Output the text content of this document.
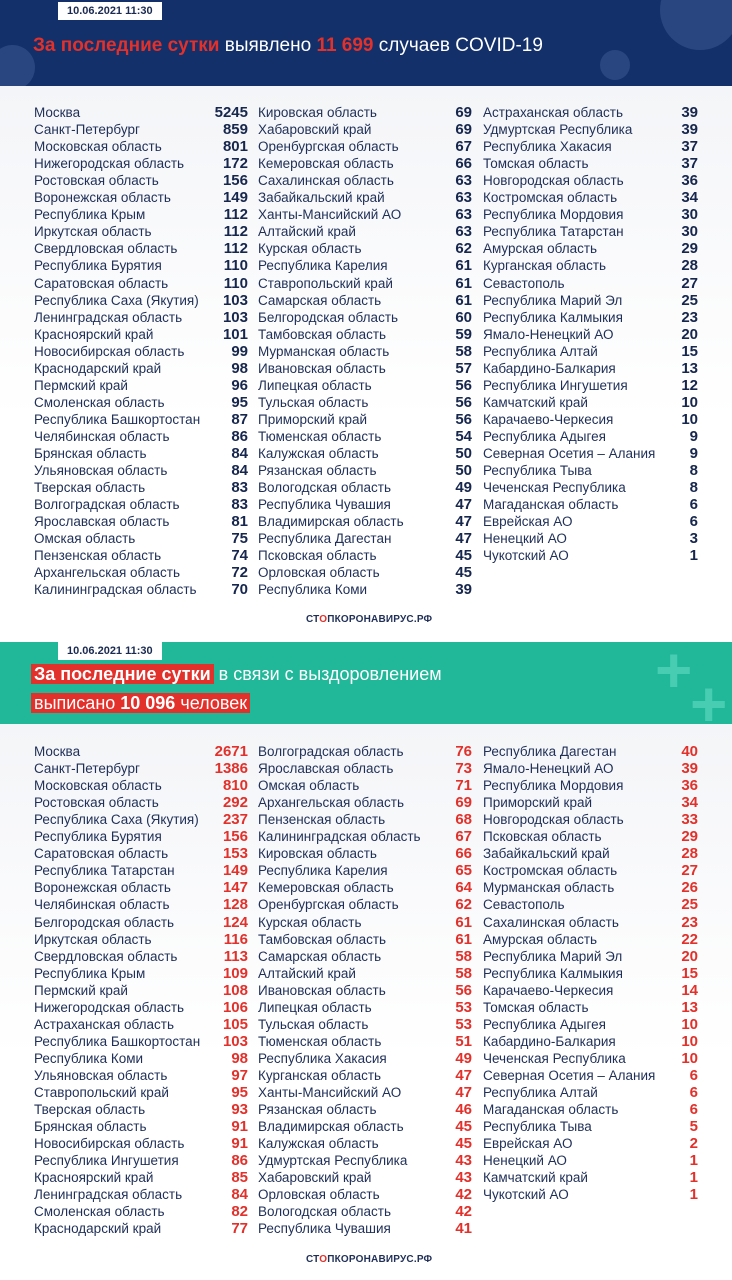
10.06.2021 11:30
За последние сутки выявлено 11 699 случаев COVID-19
Москва	5245
Санкт-Петербург	859
Московская область	801
Нижегородская область	172
Ростовская область	156
Воронежская область	149
Республика Крым	112
Иркутская область	112
Свердловская область	112
Республика Бурятия	110
Саратовская область	110
Республика Саха (Якутия) 103
Ленинградская область	103
Красноярский край	101
Новосибирская область	99
Краснодарский край	98
Пермский край	96
Смоленская область	95
Республика Башкортостан 87
Челябинская область	86
Брянская область	84
Ульяновская область	84
Тверская область	83
Волгоградская область	83
Ярославская область	81
Омская область	75
Пензенская область	74
Архангельская область	72
Калининградская область 70
Кировская область	69
Хабаровский край	69
Оренбургская область	67
Кемеровская область	66
Сахалинская область	63
Забайкальский край	63
Ханты-Мансийский АО	63
Алтайский край	63
Курская область	62
Республика Карелия	61
Ставропольский край	61
Самарская область	61
Белгородская область	60
Тамбовская область	59
Мурманская область	58
Ивановская область	57
Липецкая область	56
Тульская область	56
Приморский край	56
Тюменская область	54
Калужская область	50
Рязанская область	50
Вологодская область	49
Республика Чувашия	47
Владимирская область	47
Республика Дагестан	47
Псковская область	45
Орловская область	45
Республика Коми	39
Астраханская область	39
Удмуртская Республика	39
Республика Хакасия	37
Томская область	37
Новгородская область	36
Костромская область	34
Республика Мордовия	30
Республика Татарстан	30
Амурская область	29
Курганская область	28
Севастополь	27
Республика Марий Эл	25
Республика Калмыкия	23
Ямало-Ненецкий АО	20
Республика Алтай	15
Кабардино-Балкария	13
Республика Ингушетия	12
Камчатский край	10
Карачаево-Черкесия	10
Республика Адыгея	9
Северная Осетия – Алания 9
Республика Тыва	8
Чеченская Республика	8
Магаданская область	6
Еврейская АО	6
Ненецкий АО	3
Чукотский АО	1
СТОПКОРОНАВИРУС.РФ
+
+
10.06.2021 11:30
За последние сутки в связи с выздоровлением
выписано 10 096 человек
Москва	2671
Санкт-Петербург	1386
Московская область	810
Ростовская область	292
Республика Саха (Якутия) 237
Республика Бурятия	156
Саратовская область	153
Республика Татарстан	149
Воронежская область	147
Челябинская область	128
Белгородская область	124
Иркутская область	116
Свердловская область	113
Республика Крым	109
Пермский край	108
Нижегородская область	106
Астраханская область	105
Республика Башкортостан 103
Республика Коми	98
Ульяновская область	97
Ставропольский край	95
Тверская область	93
Брянская область	91
Новосибирская область	91
Республика Ингушетия	86
Красноярский край	85
Ленинградская область	84
Смоленская область	82
Краснодарский край	77
Волгоградская область	76
Ярославская область	73
Омская область	71
Архангельская область	69
Пензенская область	68
Калининградская область 67
Кировская область	66
Республика Карелия	65
Кемеровская область	64
Оренбургская область	62
Курская область	61
Тамбовская область	61
Самарская область	58
Алтайский край	58
Ивановская область	56
Липецкая область	53
Тульская область	53
Тюменская область	51
Республика Хакасия	49
Курганская область	47
Ханты-Мансийский АО	47
Рязанская область	46
Владимирская область	45
Калужская область	45
Удмуртская Республика	43
Хабаровский край	43
Орловская область	42
Вологодская область	42
Республика Чувашия	41
Республика Дагестан	40
Ямало-Ненецкий АО	39
Республика Мордовия	36
Приморский край	34
Новгородская область	33
Псковская область	29
Забайкальский край	28
Костромская область	27
Мурманская область	26
Севастополь	25
Сахалинская область	23
Амурская область	22
Республика Марий Эл	20
Республика Калмыкия	15
Карачаево-Черкесия	14
Томская область	13
Республика Адыгея	10
Кабардино-Балкария	10
Чеченская Республика	10
Северная Осетия – Алания 6
Республика Алтай	6
Магаданская область	6
Республика Тыва	5
Еврейская АО	2
Ненецкий АО	1
Камчатский край	1
Чукотский АО	1
СТОПКОРОНАВИРУС.РФ
